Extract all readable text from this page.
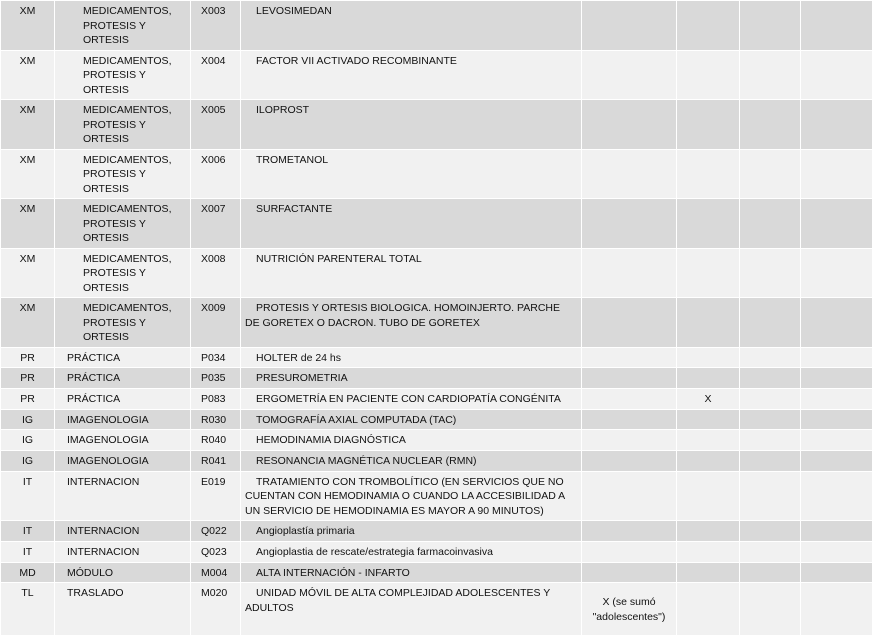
XM	MEDICAMENTOS, PROTESIS Y ORTESIS	X003	LEVOSIMEDAN				
XM	MEDICAMENTOS, PROTESIS Y ORTESIS	X004	FACTOR VII ACTIVADO RECOMBINANTE				
XM	MEDICAMENTOS, PROTESIS Y ORTESIS	X005	ILOPROST				
XM	MEDICAMENTOS, PROTESIS Y ORTESIS	X006	TROMETANOL				
XM	MEDICAMENTOS, PROTESIS Y ORTESIS	X007	SURFACTANTE				
XM	MEDICAMENTOS, PROTESIS Y ORTESIS	X008	NUTRICIÓN PARENTERAL TOTAL				
XM	MEDICAMENTOS, PROTESIS Y ORTESIS	X009	PROTESIS Y ORTESIS BIOLOGICA. HOMOINJERTO. PARCHE DE GORETEX O DACRON. TUBO DE GORETEX				
PR	PRÁCTICA	P034	HOLTER de 24 hs				
PR	PRÁCTICA	P035	PRESUROMETRIA				
PR	PRÁCTICA	P083	ERGOMETRÍA EN PACIENTE CON CARDIOPATÍA CONGÉNITA		X		
IG	IMAGENOLOGIA	R030	TOMOGRAFÍA AXIAL COMPUTADA (TAC)				
IG	IMAGENOLOGIA	R040	HEMODINAMIA DIAGNÓSTICA				
IG	IMAGENOLOGIA	R041	RESONANCIA MAGNÉTICA NUCLEAR (RMN)				
IT	INTERNACION	E019	TRATAMIENTO CON TROMBOLÍTICO (EN SERVICIOS QUE NO CUENTAN CON HEMODINAMIA O CUANDO LA ACCESIBILIDAD A UN SERVICIO DE HEMODINAMIA ES MAYOR A 90 MINUTOS)				
IT	INTERNACION	Q022	Angioplastía primaria				
IT	INTERNACION	Q023	Angioplastia de rescate/estrategia farmacoinvasiva				
MD	MÓDULO	M004	ALTA INTERNACIÓN - INFARTO				
TL	TRASLADO	M020	UNIDAD MÓVIL DE ALTA COMPLEJIDAD ADOLESCENTES Y ADULTOS	X (se sumó "adolescentes")			
